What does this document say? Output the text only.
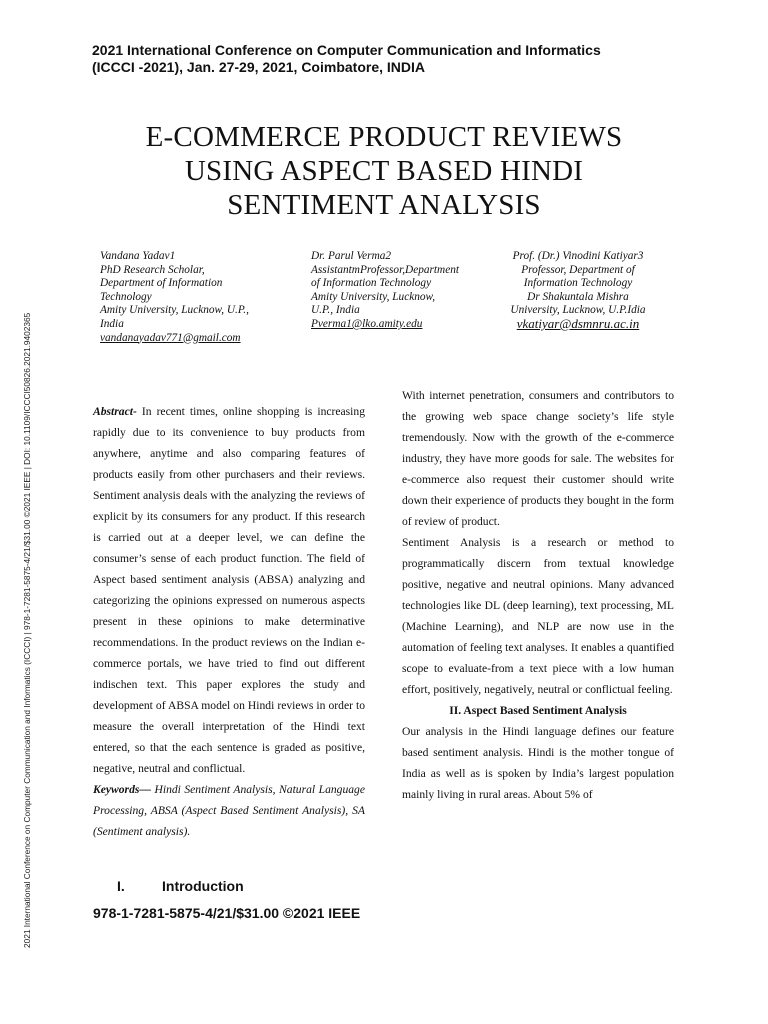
2021 International Conference on Computer Communication and Informatics (ICCCI) | 978-1-7281-5875-4/21/$31.00 ©2021 IEEE | DOI: 10.1109/ICCCI50826.2021.9402365
2021 International Conference on Computer Communication and Informatics
(ICCCI -2021), Jan. 27-29, 2021, Coimbatore, INDIA
E-COMMERCE PRODUCT REVIEWS
USING ASPECT BASED HINDI
SENTIMENT ANALYSIS
Vandana Yadav1
PhD Research Scholar,
Department of Information
Technology
Amity University, Lucknow, U.P.,
India
vandanayadav771@gmail.com
Dr. Parul Verma2
AssistantmProfessor,Department
of Information Technology
Amity University, Lucknow,
U.P., India
Pverma1@lko.amity.edu
Prof. (Dr.) Vinodini Katiyar3
Professor, Department of
Information Technology
Dr Shakuntala Mishra
University, Lucknow, U.P.Idia
vkatiyar@dsmnru.ac.in

Abstract- In recent times, online shopping is increasing rapidly due to its convenience to buy products from anywhere, anytime and also comparing features of products easily from other purchasers and their reviews. Sentiment analysis deals with the analyzing the reviews of explicit by its consumers for any product. If this research is carried out at a deeper level, we can define the consumer’s sense of each product function. The field of Aspect based sentiment analysis (ABSA) analyzing and categorizing the opinions expressed on numerous aspects present in these opinions to make determinative recommendations. In the product reviews on the Indian e-commerce portals, we have tried to find out different indischen text. This paper explores the study and development of ABSA model on Hindi reviews in order to measure the overall interpretation of the Hindi text entered, so that the each sentence is graded as positive, negative, neutral and conflictual.

Keywords— Hindi Sentiment Analysis, Natural Language Processing, ABSA (Aspect Based Sentiment Analysis), SA (Sentiment analysis).

I.	Introduction
978-1-7281-5875-4/21/$31.00 ©2021 IEEE

With internet penetration, consumers and contributors to the growing web space change society’s life style tremendously. Now with the growth of the e-commerce industry, they have more goods for sale. The websites for e-commerce also request their customer should write down their experience of products they bought in the form of review of product.

Sentiment Analysis is a research or method to programmatically discern from textual knowledge positive, negative and neutral opinions. Many advanced technologies like DL (deep learning), text processing, ML (Machine Learning), and NLP are now use in the automation of feeling text analyses. It enables a quantified scope to evaluate-from a text piece with a low human effort, positively, negatively, neutral or conflictual feeling.

II. Aspect Based Sentiment Analysis

Our analysis in the Hindi language defines our feature based sentiment analysis. Hindi is the mother tongue of India as well as is spoken by India’s largest population mainly living in rural areas. About 5% of
